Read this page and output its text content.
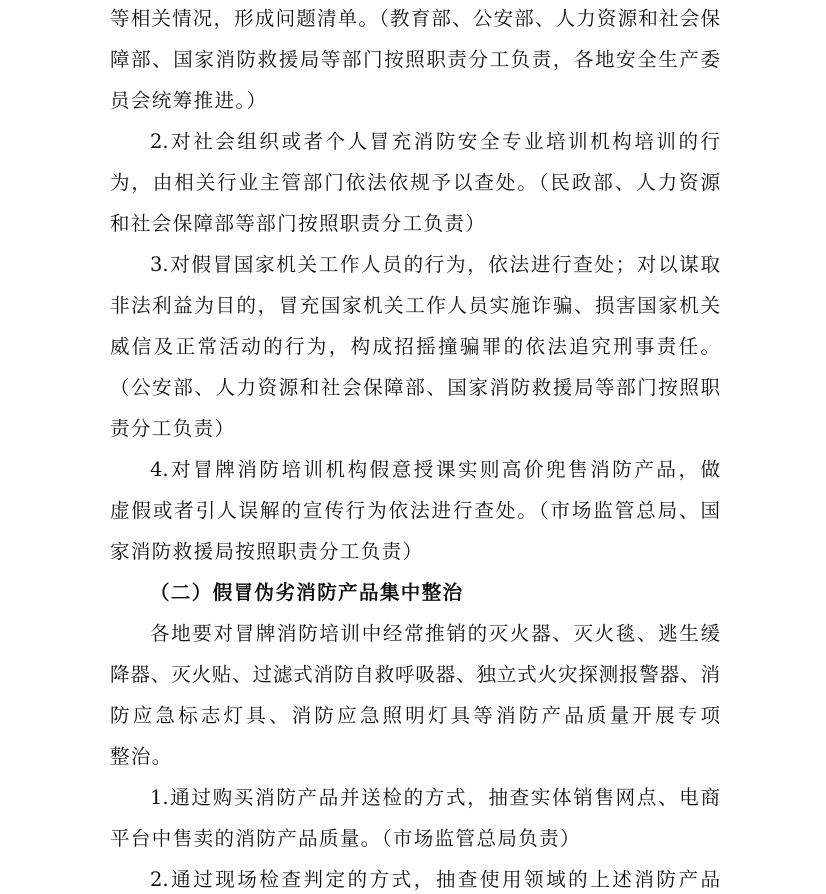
等相关情况，形成问题清单。（教育部、公安部、人力资源和社会保
障部、国家消防救援局等部门按照职责分工负责，各地安全生产委
员会统筹推进。）
2.对社会组织或者个人冒充消防安全专业培训机构培训的行
为，由相关行业主管部门依法依规予以查处。（民政部、人力资源
和社会保障部等部门按照职责分工负责）
3.对假冒国家机关工作人员的行为，依法进行查处；对以谋取
非法利益为目的，冒充国家机关工作人员实施诈骗、损害国家机关
威信及正常活动的行为，构成招摇撞骗罪的依法追究刑事责任。
（公安部、人力资源和社会保障部、国家消防救援局等部门按照职
责分工负责）
4.对冒牌消防培训机构假意授课实则高价兜售消防产品，做
虚假或者引人误解的宣传行为依法进行查处。（市场监管总局、国
家消防救援局按照职责分工负责）
（二）假冒伪劣消防产品集中整治
各地要对冒牌消防培训中经常推销的灭火器、灭火毯、逃生缓
降器、灭火贴、过滤式消防自救呼吸器、独立式火灾探测报警器、消
防应急标志灯具、消防应急照明灯具等消防产品质量开展专项
整治。
1.通过购买消防产品并送检的方式，抽查实体销售网点、电商
平台中售卖的消防产品质量。（市场监管总局负责）
2.通过现场检查判定的方式，抽查使用领域的上述消防产品
